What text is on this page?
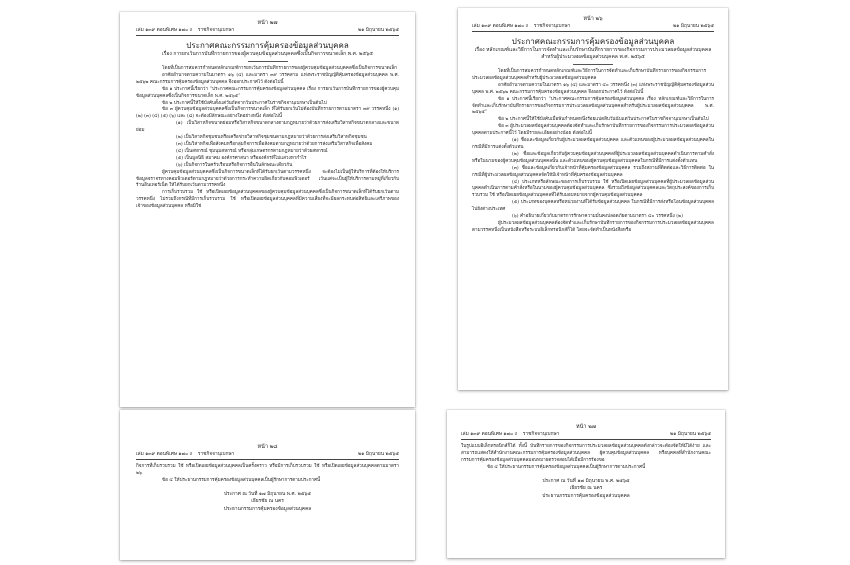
หน้า ๒๗
เล่ม ๑๓๙ ตอนพิเศษ ๑๗๐ ง ราชกิจจานุเบกษา	๒๑ มิถุนายน ๒๕๖๕
ประกาศคณะกรรมการคุ้มครองข้อมูลส่วนบุคคล
เรื่อง การยกเว้นการบันทึกรายการของผู้ควบคุมข้อมูลส่วนบุคคลซึ่งเป็นกิจการขนาดเล็ก พ.ศ. ๒๕๖๕

โดยที่เป็นการสมควรกำหนดหลักเกณฑ์การยกเว้นการบันทึกรายการของผู้ควบคุมข้อมูลส่วนบุคคลซึ่งเป็นกิจการขนาดเล็ก

อาศัยอำนาจตามความในมาตรา ๑๖ (๔) และมาตรา ๓๙ วรรคสาม แห่งพระราชบัญญัติคุ้มครองข้อมูลส่วนบุคคล พ.ศ. ๒๕๖๒ คณะกรรมการคุ้มครองข้อมูลส่วนบุคคล จึงออกประกาศไว้ ดังต่อไปนี้

ข้อ ๑ ประกาศนี้เรียกว่า “ประกาศคณะกรรมการคุ้มครองข้อมูลส่วนบุคคล เรื่อง การยกเว้นการบันทึกรายการของผู้ควบคุมข้อมูลส่วนบุคคลซึ่งเป็นกิจการขนาดเล็ก พ.ศ. ๒๕๖๕”

ข้อ ๒ ประกาศนี้ให้ใช้บังคับตั้งแต่วันถัดจากวันประกาศในราชกิจจานุเบกษาเป็นต้นไป

ข้อ ๓ ผู้ควบคุมข้อมูลส่วนบุคคลซึ่งเป็นกิจการขนาดเล็ก ที่ได้รับยกเว้นไม่ต้องบันทึกรายการตามมาตรา ๓๙ วรรคหนึ่ง (๑) (๒) (๓) (๔) (๕) (๖) และ (๘) จะต้องมีลักษณะอย่างใดอย่างหนึ่ง ดังต่อไปนี้

(๑) เป็นวิสาหกิจขนาดย่อมหรือวิสาหกิจขนาดกลางตามกฎหมายว่าด้วยการส่งเสริมวิสาหกิจขนาดกลางและขนาดย่อม

(๒) เป็นวิสาหกิจชุมชนหรือเครือข่ายวิสาหกิจชุมชนตามกฎหมายว่าด้วยการส่งเสริมวิสาหกิจชุมชน

(๓) เป็นวิสาหกิจเพื่อสังคมหรือกลุ่มกิจการเพื่อสังคมตามกฎหมายว่าด้วยการส่งเสริมวิสาหกิจเพื่อสังคม

(๔) เป็นสหกรณ์ ชุมนุมสหกรณ์ หรือกลุ่มเกษตรกรตามกฎหมายว่าด้วยสหกรณ์

(๕) เป็นมูลนิธิ สมาคม องค์กรศาสนา หรือองค์กรที่ไม่แสวงหากำไร

(๖) เป็นกิจการในครัวเรือนหรือกิจการอื่นในลักษณะเดียวกัน

ผู้ควบคุมข้อมูลส่วนบุคคลซึ่งเป็นกิจการขนาดเล็กที่ได้รับยกเว้นตามวรรคหนึ่ง จะต้องไม่เป็นผู้ให้บริการที่ต้องให้บริการข้อมูลจราจรทางคอมพิวเตอร์ตามกฎหมายว่าด้วยการกระทำความผิดเกี่ยวกับคอมพิวเตอร์ เว้นแต่จะเป็นผู้ให้บริการตามหมู่ที่เกี่ยวกับร้านอินเทอร์เน็ต ให้ได้รับยกเว้นตามวรรคหนึ่ง

การเก็บรวบรวม ใช้ หรือเปิดเผยข้อมูลส่วนบุคคลของผู้ควบคุมข้อมูลส่วนบุคคลซึ่งเป็นกิจการขนาดเล็กที่ได้รับยกเว้นตามวรรคหนึ่ง ไม่รวมถึงกรณีที่มีการเก็บรวบรวม ใช้ หรือเปิดเผยข้อมูลส่วนบุคคลที่มีความเสี่ยงที่จะมีผลกระทบต่อสิทธิและเสรีภาพของเจ้าของข้อมูลส่วนบุคคล หรือมิใช่

หน้า ๒๖
เล่ม ๑๓๙ ตอนพิเศษ ๑๗๐ ง ราชกิจจานุเบกษา	๒๑ มิถุนายน ๒๕๖๕
ประกาศคณะกรรมการคุ้มครองข้อมูลส่วนบุคคล
เรื่อง หลักเกณฑ์และวิธีการในการจัดทำและเก็บรักษาบันทึกรายการของกิจกรรมการประมวลผลข้อมูลส่วนบุคคลสำหรับผู้ประมวลผลข้อมูลส่วนบุคคล พ.ศ. ๒๕๖๕

โดยที่เป็นการสมควรกำหนดหลักเกณฑ์และวิธีการในการจัดทำและเก็บรักษาบันทึกรายการของกิจกรรมการประมวลผลข้อมูลส่วนบุคคลสำหรับผู้ประมวลผลข้อมูลส่วนบุคคล

อาศัยอำนาจตามความในมาตรา ๑๖ (๔) และมาตรา ๔๐ วรรคหนึ่ง (๓) แห่งพระราชบัญญัติคุ้มครองข้อมูลส่วนบุคคล พ.ศ. ๒๕๖๒ คณะกรรมการคุ้มครองข้อมูลส่วนบุคคล จึงออกประกาศไว้ ดังต่อไปนี้

ข้อ ๑ ประกาศนี้เรียกว่า “ประกาศคณะกรรมการคุ้มครองข้อมูลส่วนบุคคล เรื่อง หลักเกณฑ์และวิธีการในการจัดทำและเก็บรักษาบันทึกรายการของกิจกรรมการประมวลผลข้อมูลส่วนบุคคลสำหรับผู้ประมวลผลข้อมูลส่วนบุคคล พ.ศ. ๒๕๖๕”

ข้อ ๒ ประกาศนี้ให้ใช้บังคับเมื่อพ้นกำหนดหนึ่งร้อยแปดสิบวันนับแต่วันประกาศในราชกิจจานุเบกษาเป็นต้นไป

ข้อ ๓ ผู้ประมวลผลข้อมูลส่วนบุคคลต้องจัดทำและเก็บรักษาบันทึกรายการของกิจกรรมการประมวลผลข้อมูลส่วนบุคคลตามประกาศนี้ไว้ โดยมีรายละเอียดอย่างน้อย ดังต่อไปนี้

(๑) ชื่อและข้อมูลเกี่ยวกับผู้ประมวลผลข้อมูลส่วนบุคคล และตัวแทนของผู้ประมวลผลข้อมูลส่วนบุคคลในกรณีที่มีการแต่งตั้งตัวแทน

(๒) ชื่อและข้อมูลเกี่ยวกับผู้ควบคุมข้อมูลส่วนบุคคลที่ผู้ประมวลผลข้อมูลส่วนบุคคลดำเนินการตามคำสั่งหรือในนามของผู้ควบคุมข้อมูลส่วนบุคคลนั้น และตัวแทนของผู้ควบคุมข้อมูลส่วนบุคคลในกรณีที่มีการแต่งตั้งตัวแทน

(๓) ชื่อและข้อมูลเกี่ยวกับเจ้าหน้าที่คุ้มครองข้อมูลส่วนบุคคล รวมถึงสถานที่ติดต่อและวิธีการติดต่อ ในกรณีที่ผู้ประมวลผลข้อมูลส่วนบุคคลจัดให้มีเจ้าหน้าที่คุ้มครองข้อมูลส่วนบุคคล

(๔) ประเภทหรือลักษณะของการเก็บรวบรวม ใช้ หรือเปิดเผยข้อมูลส่วนบุคคลที่ผู้ประมวลผลข้อมูลส่วนบุคคลดำเนินการตามคำสั่งหรือในนามของผู้ควบคุมข้อมูลส่วนบุคคล ซึ่งรวมถึงข้อมูลส่วนบุคคลและวัตถุประสงค์ของการเก็บรวบรวม ใช้ หรือเปิดเผยข้อมูลส่วนบุคคลที่ได้รับมอบหมายจากผู้ควบคุมข้อมูลส่วนบุคคล

(๕) ประเภทของบุคคลหรือหน่วยงานที่ได้รับข้อมูลส่วนบุคคล ในกรณีที่มีการส่งหรือโอนข้อมูลส่วนบุคคลไปยังต่างประเทศ

(๖) คำอธิบายเกี่ยวกับมาตรการรักษาความมั่นคงปลอดภัยตามมาตรา ๔๐ วรรคหนึ่ง (๒)

ผู้ประมวลผลข้อมูลส่วนบุคคลต้องจัดทำและเก็บรักษาบันทึกรายการของกิจกรรมการประมวลผลข้อมูลส่วนบุคคลตามวรรคหนึ่งเป็นหนังสือหรือระบบอิเล็กทรอนิกส์ก็ได้ โดยจะจัดทำเป็นหนังสือหรือ

หน้า ๒๘
เล่ม ๑๓๙ ตอนพิเศษ ๑๗๐ ง ราชกิจจานุเบกษา	๒๑ มิถุนายน ๒๕๖๕

กิจการที่เก็บรวบรวม ใช้ หรือเปิดเผยข้อมูลส่วนบุคคลเป็นครั้งคราว หรือมีการเก็บรวบรวม ใช้ หรือเปิดเผยข้อมูลส่วนบุคคลตามมาตรา ๒๖

ข้อ ๔ ให้ประธานกรรมการคุ้มครองข้อมูลส่วนบุคคลเป็นผู้รักษาการตามประกาศนี้

ประกาศ ณ วันที่ ๑๗ มิถุนายน พ.ศ. ๒๕๖๕
เธียรชัย ณ นคร
ประธานกรรมการคุ้มครองข้อมูลส่วนบุคคล
หน้า ๒๗
เล่ม ๑๓๙ ตอนพิเศษ ๑๗๐ ง ราชกิจจานุเบกษา	๒๑ มิถุนายน ๒๕๖๕

ในรูปแบบอิเล็กทรอนิกส์ก็ได้ ทั้งนี้ บันทึกรายการของกิจกรรมการประมวลผลข้อมูลส่วนบุคคลดังกล่าวจะต้องจัดให้มีได้ง่าย และสามารถแสดงให้สำนักงานคณะกรรมการคุ้มครองข้อมูลส่วนบุคคล ผู้ควบคุมข้อมูลส่วนบุคคล หรือบุคคลที่สำนักงานคณะกรรมการคุ้มครองข้อมูลส่วนบุคคลมอบหมายตรวจสอบได้เมื่อมีการร้องขอ

ข้อ ๔ ให้ประธานกรรมการคุ้มครองข้อมูลส่วนบุคคลเป็นผู้รักษาการตามประกาศนี้

ประกาศ ณ วันที่ ๑๗ มิถุนายน พ.ศ. ๒๕๖๕
เธียรชัย ณ นคร
ประธานกรรมการคุ้มครองข้อมูลส่วนบุคคล
